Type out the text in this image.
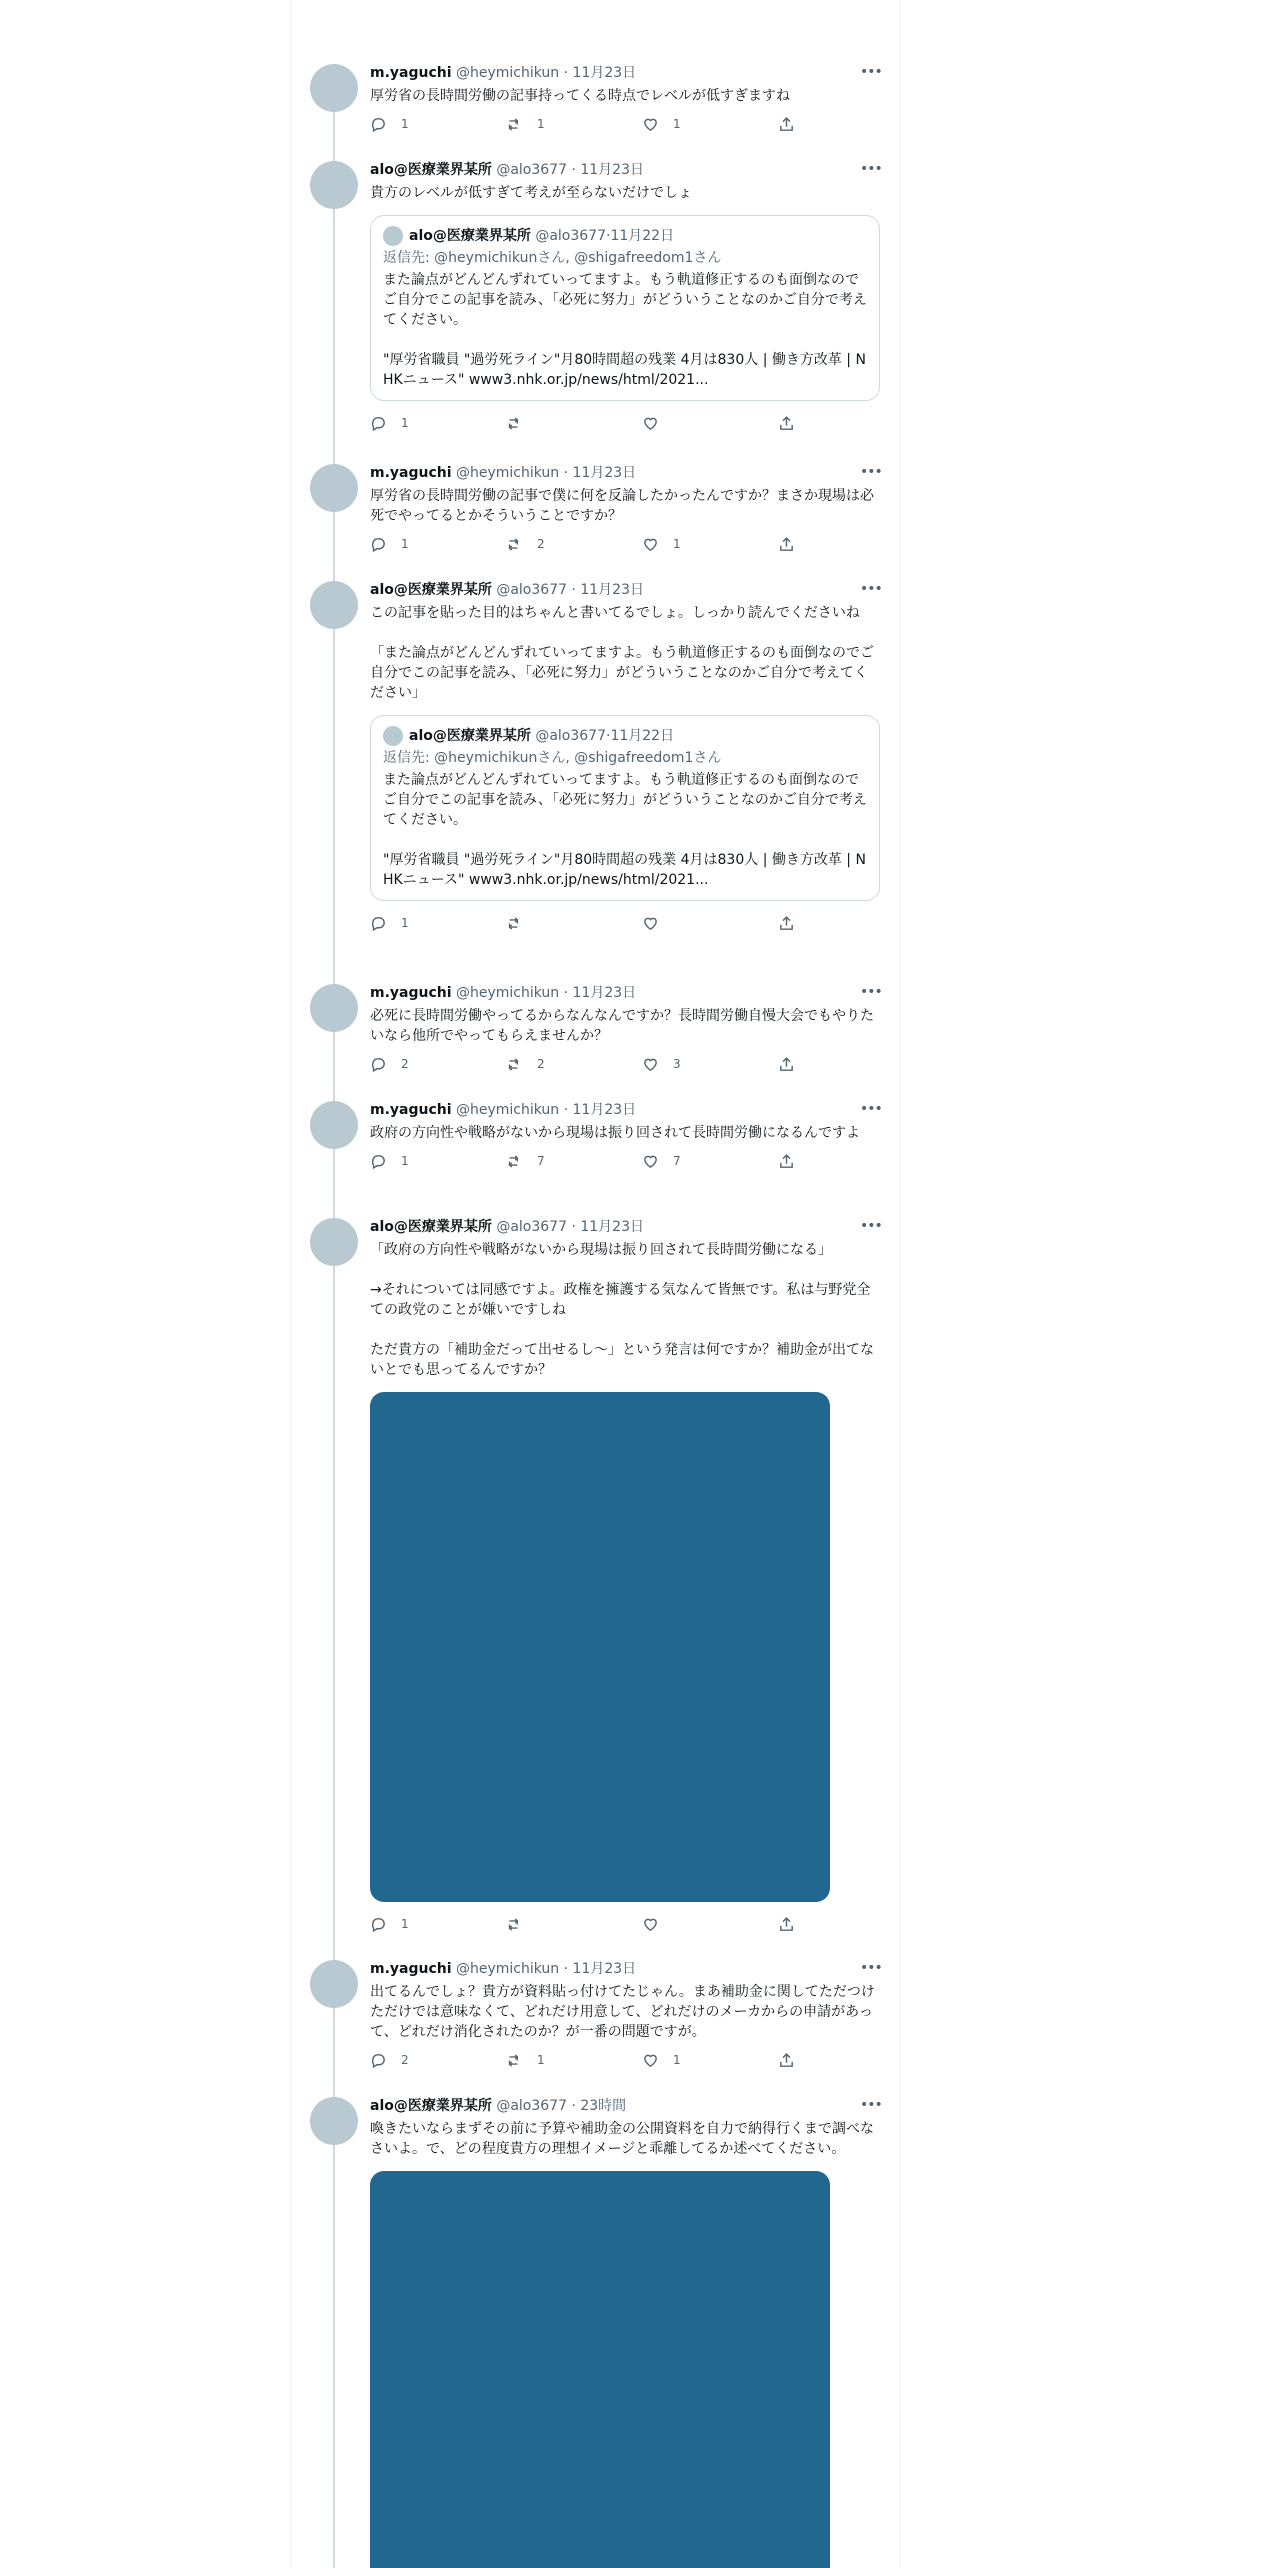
m.yaguchi @heymichikun · 11月23日	•••
厚労省の長時間労働の記事持ってくる時点でレベルが低すぎますね
1	1	1
alo@医療業界某所 @alo3677 · 11月23日	•••
貴方のレベルが低すぎて考えが至らないだけでしょ
alo@医療業界某所
@alo3677 · 11月22日
返信先: @heymichikunさん, @shigafreedom1さん
また論点がどんどんずれていってますよ。もう軌道修正するのも面倒なのでご自分でこの記事を読み、「必死に努力」がどういうことなのかご自分で考えてください。

"厚労省職員 "過労死ライン"月80時間超の残業 4月は830人 | 働き方改革 | NHKニュース" www3.nhk.or.jp/news/html/2021...
1
m.yaguchi @heymichikun · 11月23日	•••
厚労省の長時間労働の記事で僕に何を反論したかったんですか？まさか現場は必死でやってるとかそういうことですか？
1	2	1
alo@医療業界某所 @alo3677 · 11月23日	•••
この記事を貼った目的はちゃんと書いてるでしょ。しっかり読んでくださいね

「また論点がどんどんずれていってますよ。もう軌道修正するのも面倒なのでご自分でこの記事を読み、「必死に努力」がどういうことなのかご自分で考えてください」
alo@医療業界某所
@alo3677 · 11月22日
返信先: @heymichikunさん, @shigafreedom1さん
また論点がどんどんずれていってますよ。もう軌道修正するのも面倒なのでご自分でこの記事を読み、「必死に努力」がどういうことなのかご自分で考えてください。

"厚労省職員 "過労死ライン"月80時間超の残業 4月は830人 | 働き方改革 | NHKニュース" www3.nhk.or.jp/news/html/2021...
1
m.yaguchi @heymichikun · 11月23日	•••
必死に長時間労働やってるからなんなんですか？長時間労働自慢大会でもやりたいなら他所でやってもらえませんか？
2	2	3
m.yaguchi @heymichikun · 11月23日	•••
政府の方向性や戦略がないから現場は振り回されて長時間労働になるんですよ
1	7	7
alo@医療業界某所 @alo3677 · 11月23日	•••
「政府の方向性や戦略がないから現場は振り回されて長時間労働になる」

→それについては同感ですよ。政権を擁護する気なんて皆無です。私は与野党全ての政党のことが嫌いですしね

ただ貴方の「補助金だって出せるし〜」という発言は何ですか？補助金が出てないとでも思ってるんですか？
1
m.yaguchi @heymichikun · 11月23日	•••
出てるんでしょ？貴方が資料貼っ付けてたじゃん。まあ補助金に関してただつけただけでは意味なくて、どれだけ用意して、どれだけのメーカからの申請があって、どれだけ消化されたのか？が一番の問題ですが。
2	1	1
alo@医療業界某所 @alo3677 · 23時間	•••
喚きたいならまずその前に予算や補助金の公開資料を自力で納得行くまで調べなさいよ。で、どの程度貴方の理想イメージと乖離してるか述べてください。
